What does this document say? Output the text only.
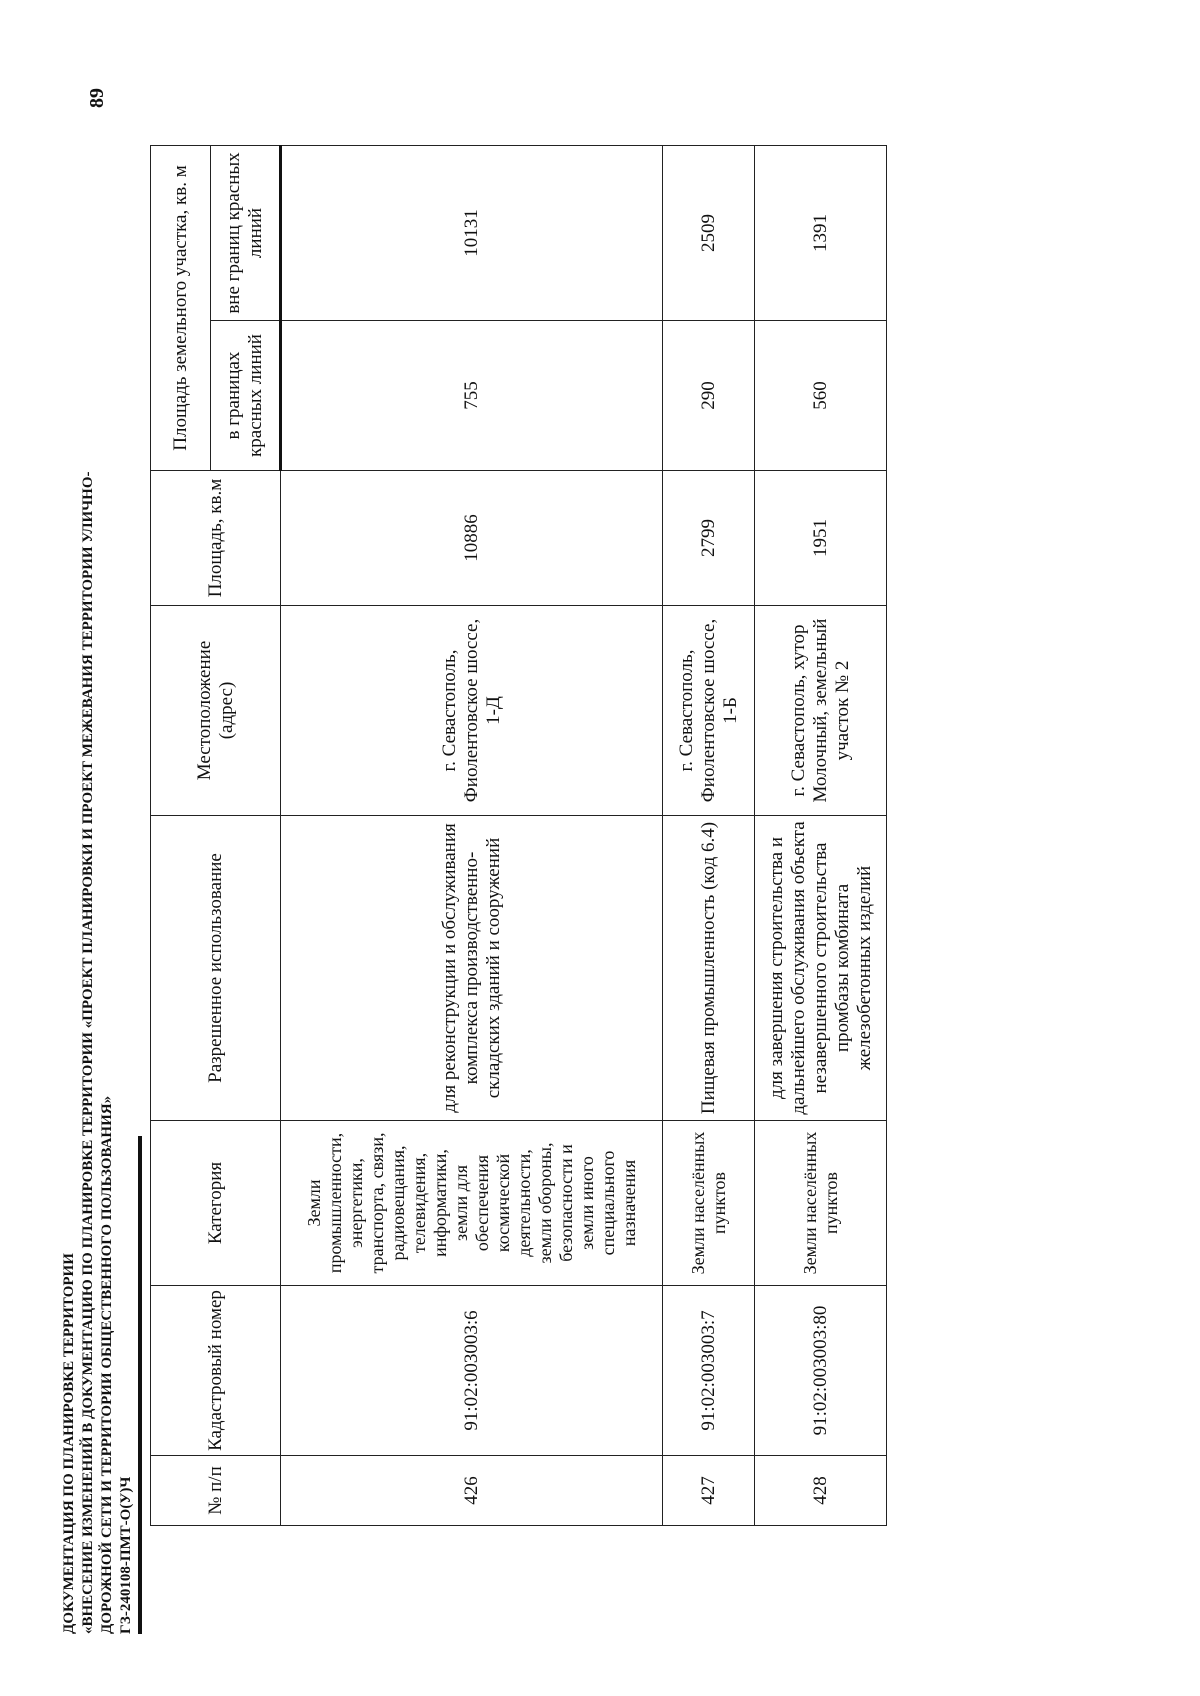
ДОКУМЕНТАЦИЯ ПО ПЛАНИРОВКЕ ТЕРРИТОРИИ «ВНЕСЕНИЕ ИЗМЕНЕНИЙ В ДОКУМЕНТАЦИЮ ПО ПЛАНИРОВКЕ ТЕРРИТОРИИ «ПРОЕКТ ПЛАНИРОВКИ И ПРОЕКТ МЕЖЕВАНИЯ ТЕРРИТОРИИ УЛИЧНО- ДОРОЖНОЙ СЕТИ И ТЕРРИТОРИИ ОБЩЕСТВЕННОГО ПОЛЬЗОВАНИЯ» ГЗ-240108-ПМТ-О(У)Ч
89
№ п/п	Кадастровый номер	Категория	Разрешенное использование	Местоположение (адрес)	Площадь, кв.м	Площадь земельного участка, кв. м	
						в границах красных линий	вне границ красных линий
426	91:02:003003:6	Земли промышленности, энергетики, транспорта, связи, радиовещания, телевидения, информатики, земли для обеспечения космической деятельности, земли обороны, безопасности и земли иного специального назначения	для реконструкции и обслуживания комплекса производственно-складских зданий и сооружений	г. Севастополь, Фиолентовское шоссе, 1-Д	10886	755	10131
427	91:02:003003:7	Земли населённых пунктов	Пищевая промышленность (код 6.4)	г. Севастополь, Фиолентовское шоссе, 1-Б	2799	290	2509
428	91:02:003003:80	Земли населённых пунктов	для завершения строительства и дальнейшего обслуживания объекта незавершенного строительства промбазы комбината железобетонных изделий	г. Севастополь, хутор Молочный, земельный участок № 2	1951	560	1391
